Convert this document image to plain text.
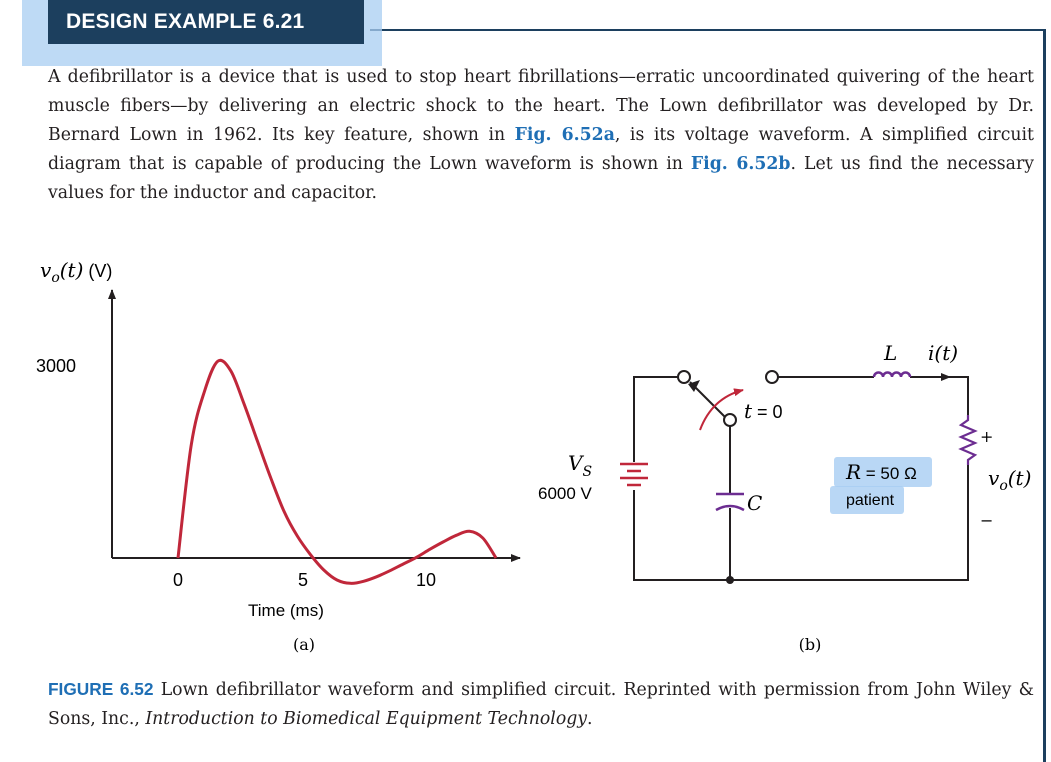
DESIGN EXAMPLE 6.21
A defibrillator is a device that is used to stop heart fibrillations—erratic uncoordinated quivering of the heart muscle fibers—by delivering an electric shock to the heart. The Lown defibrillator was developed by Dr. Bernard Lown in 1962. Its key feature, shown in Fig. 6.52a, is its voltage waveform. A simplified circuit diagram that is capable of producing the Lown waveform is shown in Fig. 6.52b. Let us find the necessary values for the inductor and capacitor.
$v_o(t)$ (V)
3000
0	5	10
Time (ms)
(a)
$V_S$
6000 V	C
L i(t)
t = 0
R = 50 Ω
patient
+
−
$v_o(t)$
(b)
FIGURE 6.52 Lown defibrillator waveform and simplified circuit. Reprinted with permission from John Wiley & Sons, Inc., Introduction to Biomedical Equipment Technology.
